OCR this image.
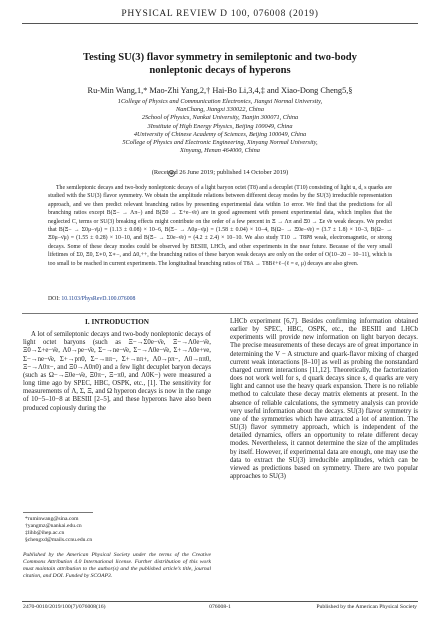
PHYSICAL REVIEW D 100, 076008 (2019)
Testing SU(3) flavor symmetry in semileptonic and two-body
nonleptonic decays of hyperons
Ru-Min Wang,1,* Mao-Zhi Yang,2,† Hai-Bo Li,3,4,‡ and Xiao-Dong Cheng5,§
1College of Physics and Communication Electronics, Jiangxi Normal University,
NanChang, Jiangxi 330022, China
2School of Physics, Nankai University, Tianjin 300071, China
3Institute of High Energy Physics, Beijing 100049, China
4University of Chinese Academy of Sciences, Beijing 100049, China
5College of Physics and Electronic Engineering, Xinyang Normal University,
Xinyang, Henan 464000, China
(Received 26 June 2019; published 14 October 2019)
The semileptonic decays and two-body nonleptonic decays of a light baryon octet (T8) and a decuplet (T10) consisting of light u, d, s quarks are studied with the SU(3) flavor symmetry. We obtain the amplitude relations between different decay modes by the SU(3) irreducible representation approach, and we then predict relevant branching ratios by presenting experimental data within 1σ error. We find that the predictions for all branching ratios except B(Ξ− → Λπ−) and B(Ξ0 → Σ+e−ν̄e) are in good agreement with present experimental data, which implies that the neglected C, terms or SU(3) breaking effects might contribute on the order of a few percent in Ξ → Λπ and Ξ0 → Σe ν̄e weak decays. We predict that B(Ξ− → Σ0μ−ν̄μ) = (1.13 ± 0.08) × 10−6, B(Ξ− → Λ0μ−ν̄μ) = (1.58 ± 0.04) × 10−4, B(Ω− → Ξ0e−ν̄e) = (3.7 ± 1.8) × 10−3, B(Ω− → Ξ0μ−ν̄μ) = (1.55 ± 0.28) × 10−10, and B(Ξ− → Σ0e−ν̄e) = (4.2 ± 2.4) × 10−10. We also study T10 → T8P8 weak, electromagnetic, or strong decays. Some of these decay modes could be observed by BESIII, LHCb, and other experiments in the near future. Because of the very small lifetimes of Σ0, Ξ0, Σ∗0, Σ∗−, and Δ0,++, the branching ratios of these baryon weak decays are only on the order of O(10−20 − 10−11), which is too small to be reached in current experiments. The longitudinal branching ratios of T8A → T8Bℓ+ℓ−(ℓ = e, μ) decays are also given.
DOI: 10.1103/PhysRevD.100.076008
I. INTRODUCTION

A lot of semileptonic decays and two-body nonleptonic decays of light octet baryons (such as Ξ−→Σ0e−ν̄e, Ξ−→Λ0e−ν̄e, Ξ0→Σ+e−ν̄e, Λ0→pe−ν̄e, Σ−→ne−ν̄e, Σ−→Λ0e−ν̄e, Σ+→Λ0e+νe, Σ−→ne−ν̄e, Σ+→pπ0, Σ−→nπ−, Σ+→nπ+, Λ0→pπ−, Λ0→nπ0, Ξ−→Λ0π−, and Ξ0→Λ0π0) and a few light decuplet baryon decays (such as Ω−→Ξ0e−ν̄e, Ξ0π−, Ξ−π0, and Λ0K−) were measured a long time ago by SPEC, HBC, OSPK, etc., [1]. The sensitivity for measurements of Λ, Σ, Ξ, and Ω hyperon decays is now in the range of 10−5–10−8 at BESIII [2–5], and these hyperons have also been produced copiously during the

LHCb experiment [6,7]. Besides confirming information obtained earlier by SPEC, HBC, OSPK, etc., the BESIII and LHCb experiments will provide new information on light baryon decays. The precise measurements of these decays are of great importance in determining the V − A structure and quark-flavor mixing of charged current weak interactions [8–10] as well as probing the nonstandard charged current interactions [11,12]. Theoretically, the factorization does not work well for s, d quark decays since s, d quarks are very light and cannot use the heavy quark expansion. There is no reliable method to calculate these decay matrix elements at present. In the absence of reliable calculations, the symmetry analysis can provide very useful information about the decays. SU(3) flavor symmetry is one of the symmetries which have attracted a lot of attention. The SU(3) flavor symmetry approach, which is independent of the detailed dynamics, offers an opportunity to relate different decay modes. Nevertheless, it cannot determine the size of the amplitudes by itself. However, if experimental data are enough, one may use the data to extract the SU(3) irreducible amplitudes, which can be viewed as predictions based on symmetry. There are two popular approaches to SU(3)

*ruminwang@sina.com

†yangmz@nankai.edu.cn

‡lihb@ihep.ac.cn

§chengxd@mails.ccnu.edu.cn

Published by the American Physical Society under the terms of the Creative Commons Attribution 4.0 International license. Further distribution of this work must maintain attribution to the author(s) and the published article’s title, journal citation, and DOI. Funded by SCOAP3.
2470-0010/2019/100(7)/076008(16)	076008-1	Published by the American Physical Society
